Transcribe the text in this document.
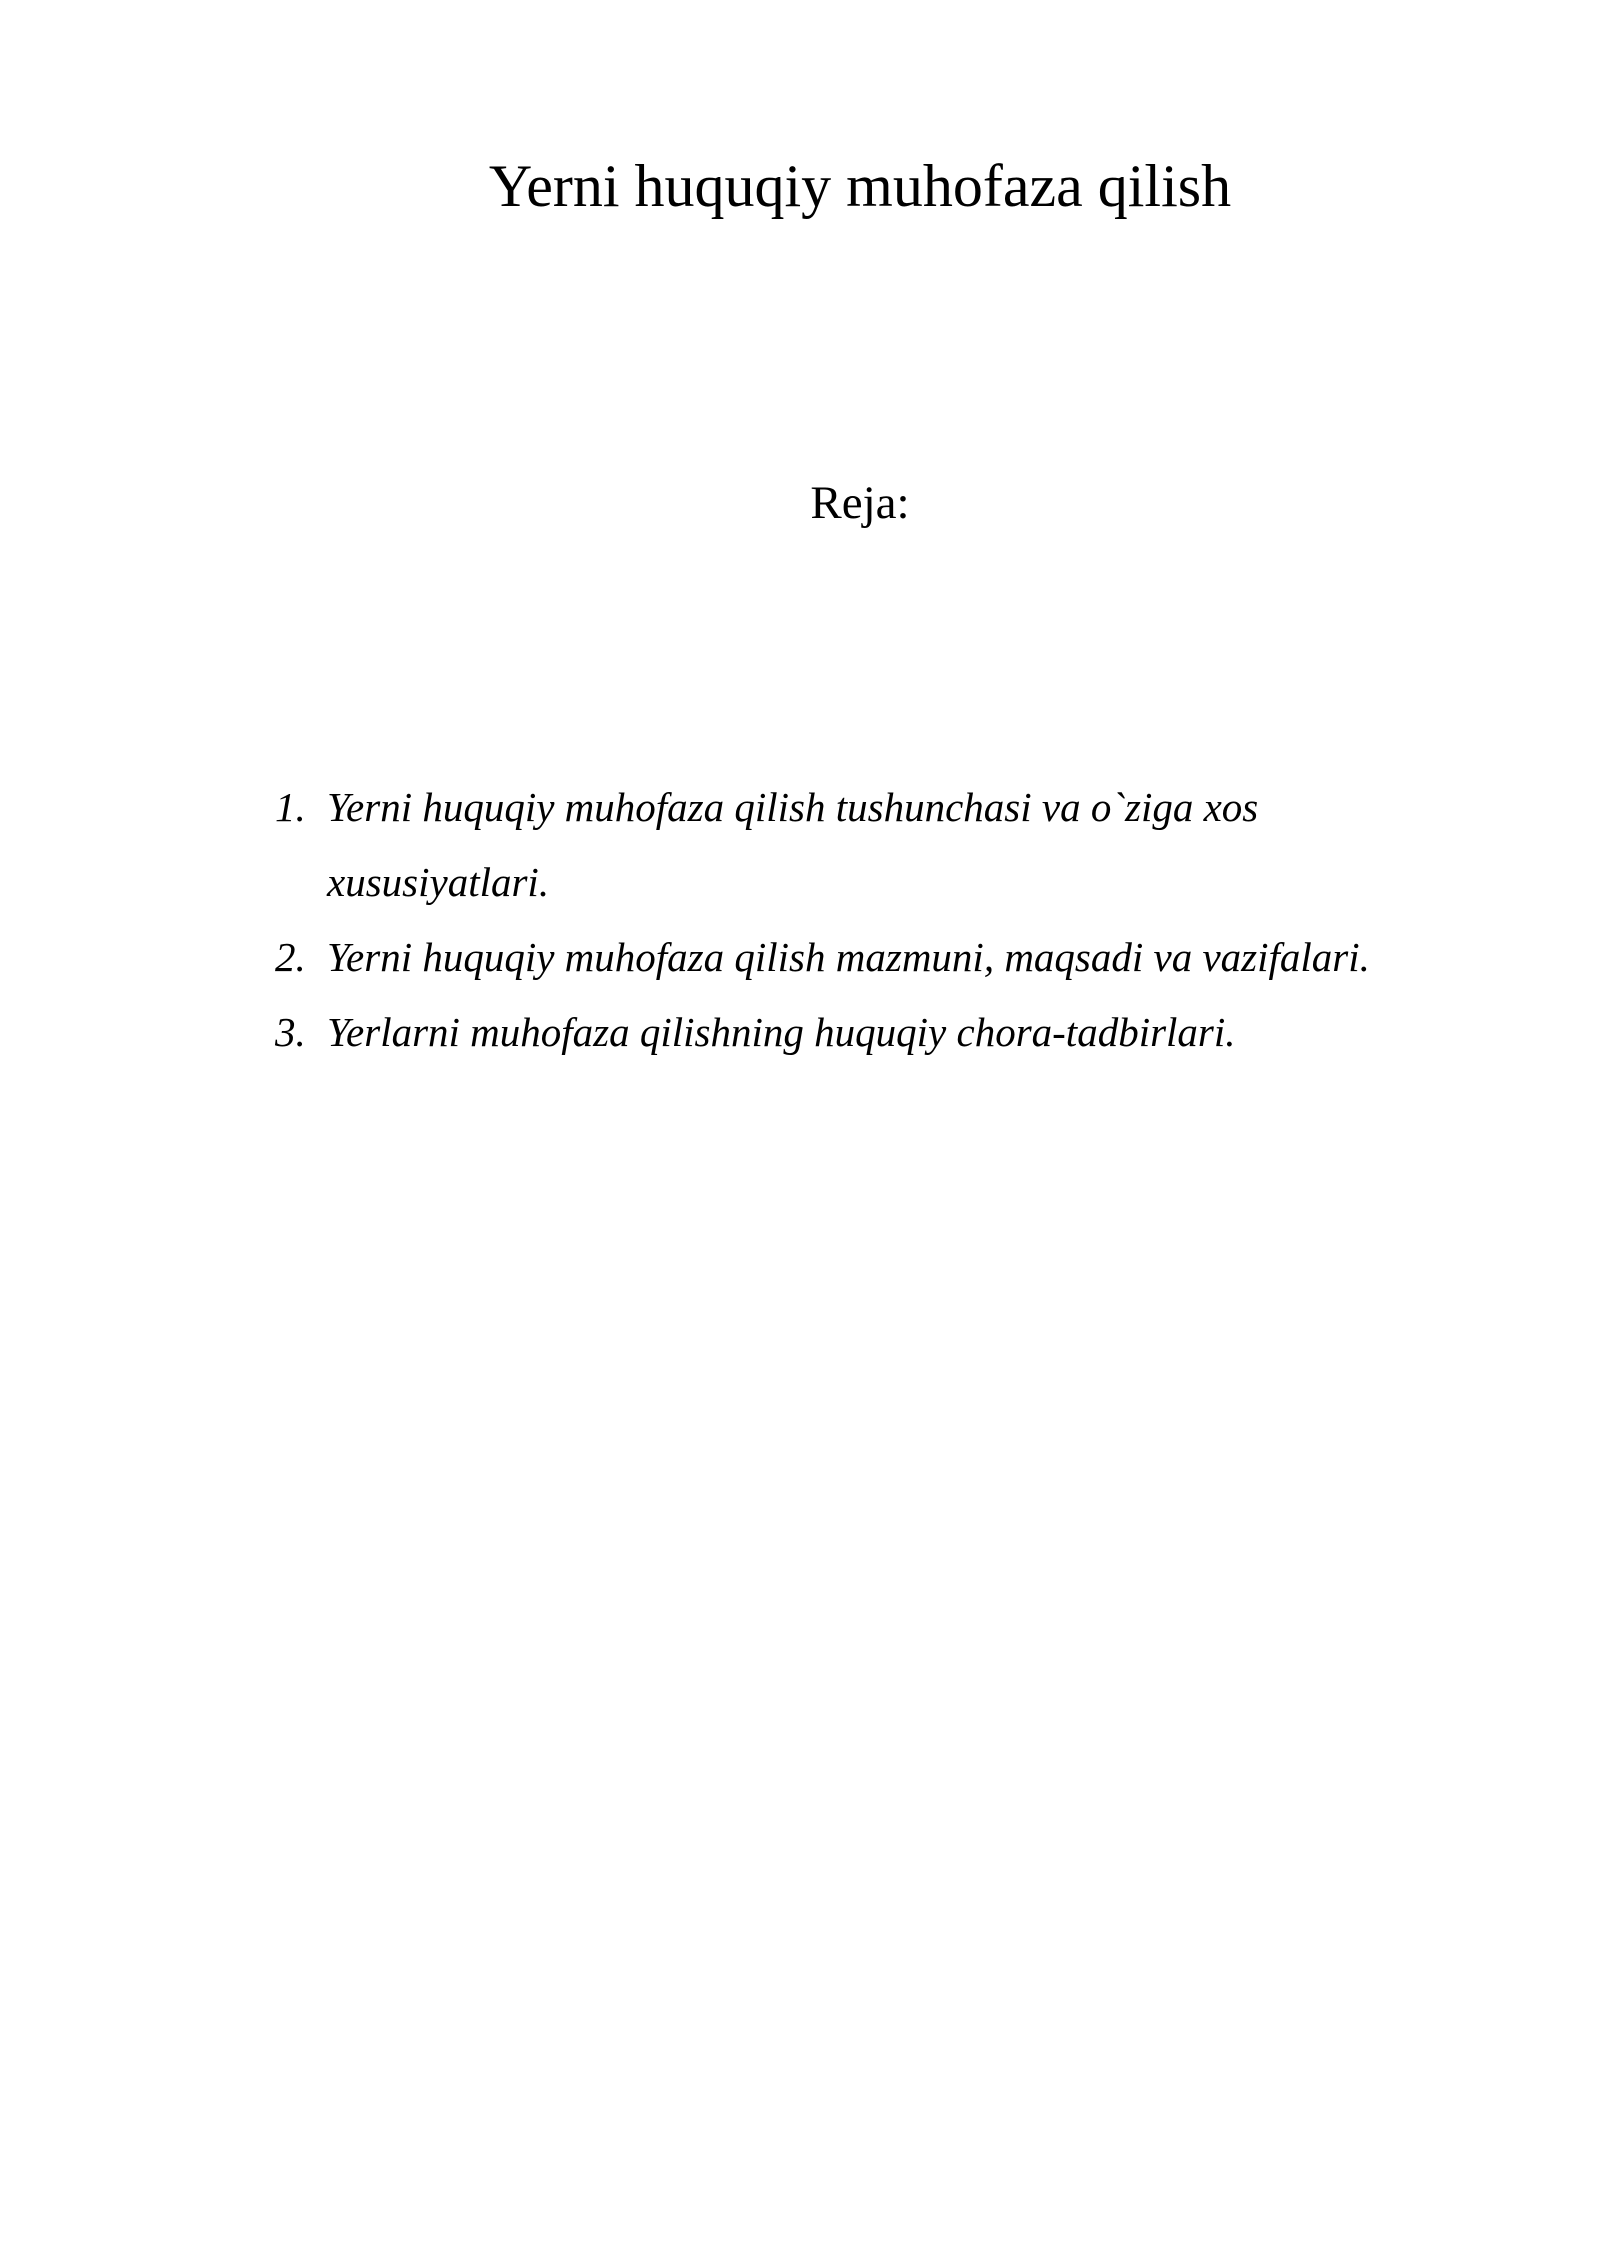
Yerni huquqiy muhofaza qilish
Reja:
1. Yerni huquqiy muhofaza qilish tushunchasi va o`ziga xos xususiyatlari.
2. Yerni huquqiy muhofaza qilish mazmuni, maqsadi va vazifalari.
3. Yerlarni muhofaza qilishning huquqiy chora-tadbirlari.
